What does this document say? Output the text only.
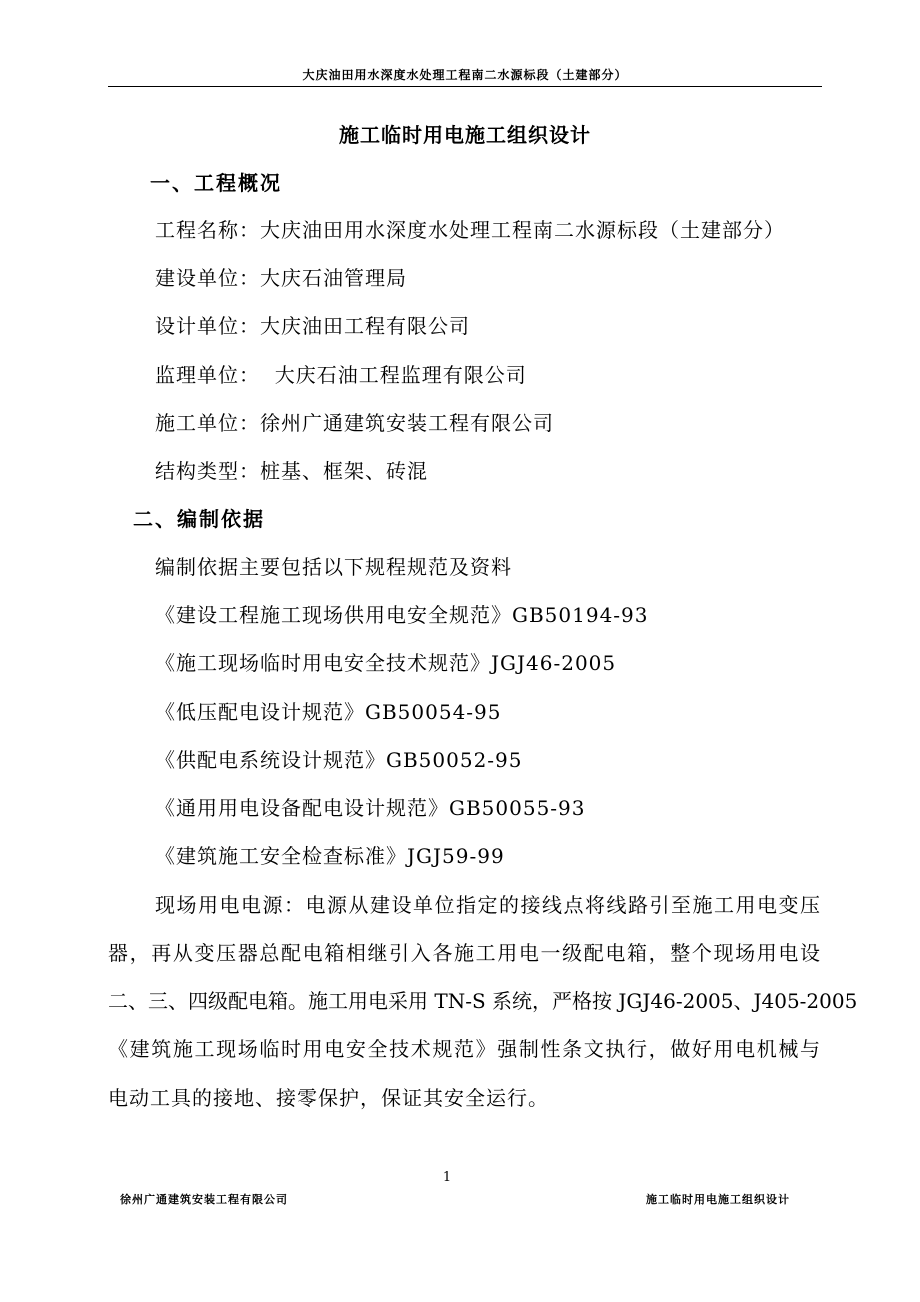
大庆油田用水深度水处理工程南二水源标段（土建部分）
施工临时用电施工组织设计
一、工程概况
工程名称：大庆油田用水深度水处理工程南二水源标段（土建部分）
建设单位：大庆石油管理局
设计单位：大庆油田工程有限公司
监理单位：  大庆石油工程监理有限公司
施工单位：徐州广通建筑安装工程有限公司
结构类型：桩基、框架、砖混
二、编制依据
编制依据主要包括以下规程规范及资料
《建设工程施工现场供用电安全规范》GB50194-93
《施工现场临时用电安全技术规范》JGJ46-2005
《低压配电设计规范》GB50054-95
《供配电系统设计规范》GB50052-95
《通用用电设备配电设计规范》GB50055-93
《建筑施工安全检查标准》JGJ59-99
现场用电电源：电源从建设单位指定的接线点将线路引至施工用电变压
器，再从变压器总配电箱相继引入各施工用电一级配电箱，整个现场用电设
二、三、四级配电箱。施工用电采用 TN-S 系统，严格按 JGJ46-2005、J405-2005
《建筑施工现场临时用电安全技术规范》强制性条文执行，做好用电机械与
电动工具的接地、接零保护，保证其安全运行。
1
徐州广通建筑安装工程有限公司	施工临时用电施工组织设计
